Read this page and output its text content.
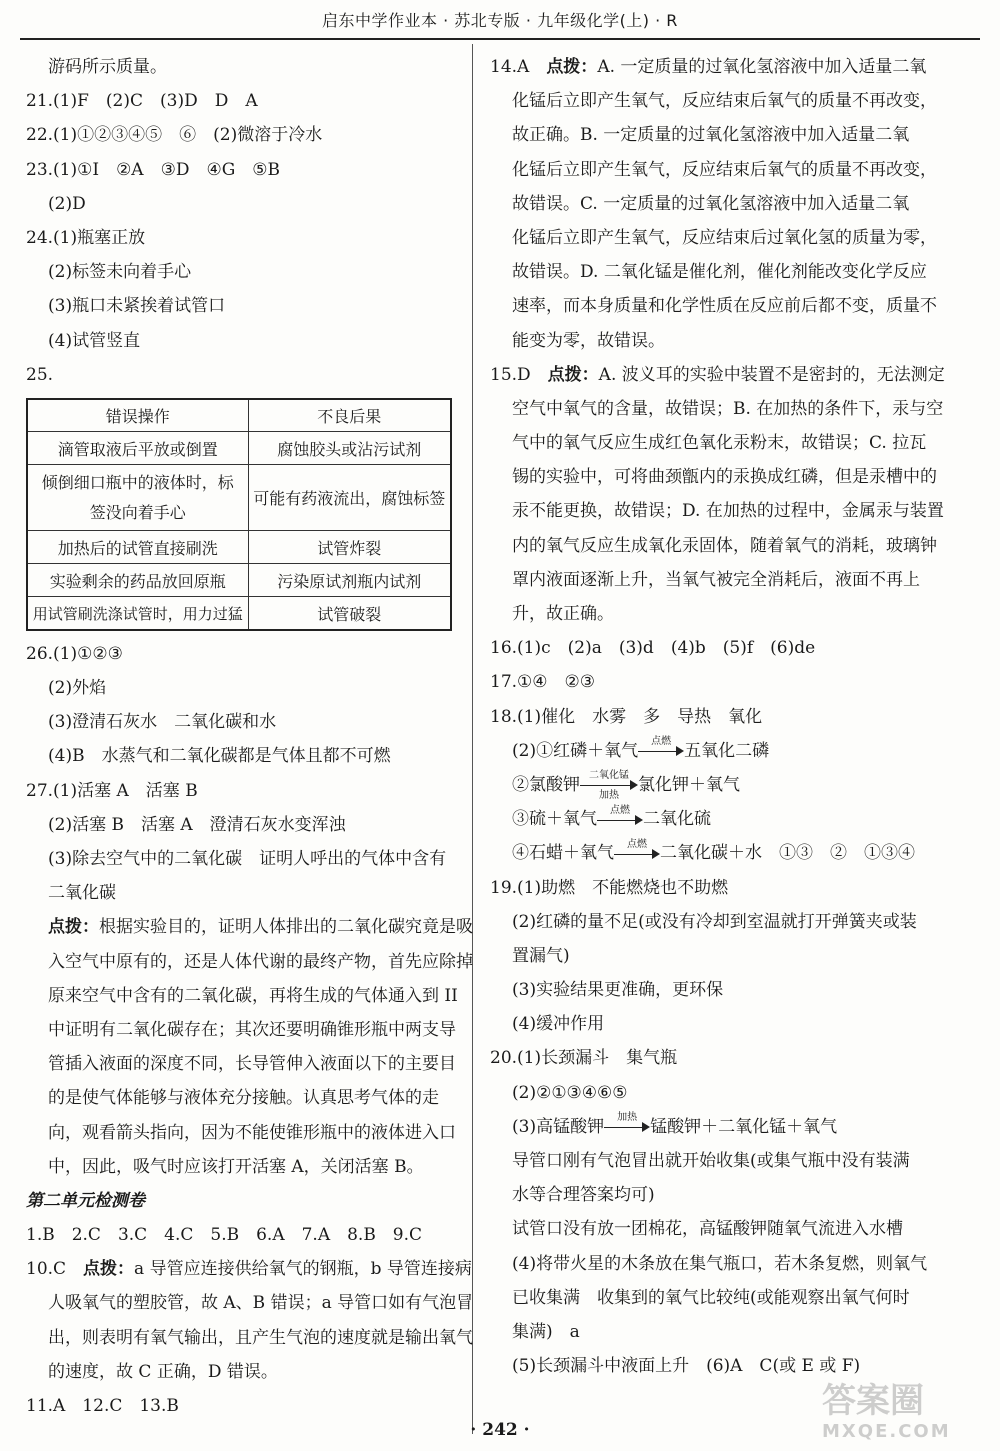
启东中学作业本 · 苏北专版 · 九年级化学(上) · R
游码所示质量。
21.(1)F　(2)C　(3)D　D　A
22.(1)①②③④⑤　⑥　(2)微溶于冷水
23.(1)①I　②A　③D　④G　⑤B
(2)D
24.(1)瓶塞正放
(2)标签未向着手心
(3)瓶口未紧挨着试管口
(4)试管竖直
25.
错误操作	不良后果
滴管取液后平放或倒置	腐蚀胶头或沾污试剂
倾倒细口瓶中的液体时，标
签没向着手心	可能有药液流出，腐蚀标签
加热后的试管直接刷洗	试管炸裂
实验剩余的药品放回原瓶	污染原试剂瓶内试剂
用试管刷洗涤试管时，用力过猛	试管破裂
26.(1)①②③
(2)外焰
(3)澄清石灰水　二氧化碳和水
(4)B　水蒸气和二氧化碳都是气体且都不可燃
27.(1)活塞 A　活塞 B
(2)活塞 B　活塞 A　澄清石灰水变浑浊
(3)除去空气中的二氧化碳　证明人呼出的气体中含有
二氧化碳
点拨：根据实验目的，证明人体排出的二氧化碳究竟是吸
入空气中原有的，还是人体代谢的最终产物，首先应除掉
原来空气中含有的二氧化碳，再将生成的气体通入到 II
中证明有二氧化碳存在；其次还要明确锥形瓶中两支导
管插入液面的深度不同，长导管伸入液面以下的主要目
的是使气体能够与液体充分接触。认真思考气体的走
向，观看箭头指向，因为不能使锥形瓶中的液体进入口
中，因此，吸气时应该打开活塞 A，关闭活塞 B。
第二单元检测卷
1.B　2.C　3.C　4.C　5.B　6.A　7.A　8.B　9.C
10.C　点拨：a 导管应连接供给氧气的钢瓶，b 导管连接病
人吸氧气的塑胶管，故 A、B 错误；a 导管口如有气泡冒
出，则表明有氧气输出，且产生气泡的速度就是输出氧气
的速度，故 C 正确，D 错误。
11.A　12.C　13.B
14.A　点拨：A. 一定质量的过氧化氢溶液中加入适量二氧
化锰后立即产生氧气，反应结束后氧气的质量不再改变，
故正确。B. 一定质量的过氧化氢溶液中加入适量二氧
化锰后立即产生氧气，反应结束后氧气的质量不再改变，
故错误。C. 一定质量的过氧化氢溶液中加入适量二氧
化锰后立即产生氧气，反应结束后过氧化氢的质量为零，
故错误。D. 二氧化锰是催化剂，催化剂能改变化学反应
速率，而本身质量和化学性质在反应前后都不变，质量不
能变为零，故错误。
15.D　点拨：A. 波义耳的实验中装置不是密封的，无法测定
空气中氧气的含量，故错误；B. 在加热的条件下，汞与空
气中的氧气反应生成红色氧化汞粉末，故错误；C. 拉瓦
锡的实验中，可将曲颈甑内的汞换成红磷，但是汞槽中的
汞不能更换，故错误；D. 在加热的过程中，金属汞与装置
内的氧气反应生成氧化汞固体，随着氧气的消耗，玻璃钟
罩内液面逐渐上升，当氧气被完全消耗后，液面不再上
升，故正确。
16.(1)c　(2)a　(3)d　(4)b　(5)f　(6)de
17.①④　②③
18.(1)催化　水雾　多　导热　氧化
(2)①红磷＋氧气	点燃 五氧化二磷
②氯酸钾 二氧化锰
加热
氯化钾＋氧气
③硫＋氧气	点燃 二氧化硫
④石蜡＋氧气	点燃 二氧化碳＋水　①③　②　①③④
19.(1)助燃　不能燃烧也不助燃
(2)红磷的量不足(或没有冷却到室温就打开弹簧夹或装
置漏气)
(3)实验结果更准确，更环保
(4)缓冲作用
20.(1)长颈漏斗　集气瓶
(2)②①③④⑥⑤
(3)高锰酸钾	加热 锰酸钾＋二氧化锰＋氧气
导管口刚有气泡冒出就开始收集(或集气瓶中没有装满
水等合理答案均可)
试管口没有放一团棉花，高锰酸钾随氧气流进入水槽
(4)将带火星的木条放在集气瓶口，若木条复燃，则氧气
已收集满　收集到的氧气比较纯(或能观察出氧气何时
集满)　a
(5)长颈漏斗中液面上升　(6)A　C(或 E 或 F)
· 242 ·
答案圈
MXQE.COM
